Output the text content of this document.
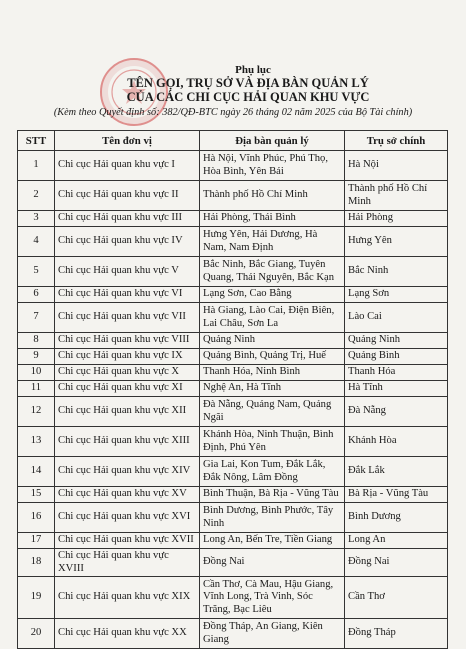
Phụ lục
TÊN GỌI, TRỤ SỞ VÀ ĐỊA BÀN QUẢN LÝ
CỦA CÁC CHI CỤC HẢI QUAN KHU VỰC
(Kèm theo Quyết định số: 382/QĐ-BTC ngày 26 tháng 02 năm 2025 của Bộ Tài chính)
STT	Tên đơn vị	Địa bàn quản lý	Trụ sở chính
1	Chi cục Hải quan khu vực I	Hà Nội, Vĩnh Phúc, Phú Thọ, Hòa Bình, Yên Bái	Hà Nội
2	Chi cục Hải quan khu vực II	Thành phố Hồ Chí Minh	Thành phố Hồ Chí Minh
3	Chi cục Hải quan khu vực III	Hải Phòng, Thái Bình	Hải Phòng
4	Chi cục Hải quan khu vực IV	Hưng Yên, Hải Dương, Hà Nam, Nam Định	Hưng Yên
5	Chi cục Hải quan khu vực V	Bắc Ninh, Bắc Giang, Tuyên Quang, Thái Nguyên, Bắc Kạn	Bắc Ninh
6	Chi cục Hải quan khu vực VI	Lạng Sơn, Cao Bằng	Lạng Sơn
7	Chi cục Hải quan khu vực VII	Hà Giang, Lào Cai, Điện Biên, Lai Châu, Sơn La	Lào Cai
8	Chi cục Hải quan khu vực VIII	Quảng Ninh	Quảng Ninh
9	Chi cục Hải quan khu vực IX	Quảng Bình, Quảng Trị, Huế	Quảng Bình
10	Chi cục Hải quan khu vực X	Thanh Hóa, Ninh Bình	Thanh Hóa
11	Chi cục Hải quan khu vực XI	Nghệ An, Hà Tĩnh	Hà Tĩnh
12	Chi cục Hải quan khu vực XII	Đà Nẵng, Quảng Nam, Quảng Ngãi	Đà Nẵng
13	Chi cục Hải quan khu vực XIII	Khánh Hòa, Ninh Thuận, Bình Định, Phú Yên	Khánh Hòa
14	Chi cục Hải quan khu vực XIV	Gia Lai, Kon Tum, Đắk Lắk, Đắk Nông, Lâm Đồng	Đắk Lắk
15	Chi cục Hải quan khu vực XV	Bình Thuận, Bà Rịa - Vũng Tàu	Bà Rịa - Vũng Tàu
16	Chi cục Hải quan khu vực XVI	Bình Dương, Bình Phước, Tây Ninh	Bình Dương
17	Chi cục Hải quan khu vực XVII	Long An, Bến Tre, Tiền Giang	Long An
18	Chi cục Hải quan khu vực XVIII	Đồng Nai	Đồng Nai
19	Chi cục Hải quan khu vực XIX	Cần Thơ, Cà Mau, Hậu Giang, Vĩnh Long, Trà Vinh, Sóc Trăng, Bạc Liêu	Cần Thơ
20	Chi cục Hải quan khu vực XX	Đồng Tháp, An Giang, Kiên Giang	Đồng Tháp
